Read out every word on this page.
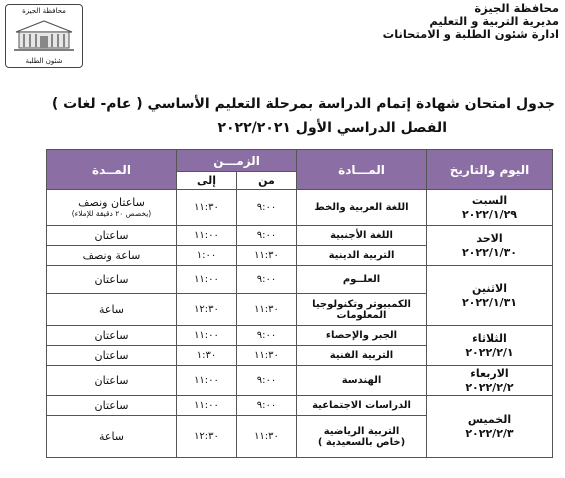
محافظة الجيزة
شئون الطلبة
محافظة الجيزة
مديرية التربية و التعليم
ادارة شئون الطلبة و الامتحانات
جدول امتحان شهادة إتمام الدراسة بمرحلة التعليم الأساسي ( عام- لغات )
الفصل الدراسي الأول ٢٠٢٢/٢٠٢١
اليوم والتاريخ	المـــادة	الزمـــن		المــدة
		من	إلى	

السبت
٢٠٢٢/١/٢٩	اللغة العربية والخط	٩:٠٠	١١:٣٠	ساعتان ونصف
(يخصص ٢٠ دقيقة للإملاء)

الاحد
٢٠٢٢/١/٣٠	اللغة الأجنبية	٩:٠٠	١١:٠٠	ساعتان
	التربية الدينية	١١:٣٠	١:٠٠	ساعة ونصف

الاثنين
٢٠٢٢/١/٣١	العلــوم	٩:٠٠	١١:٠٠	ساعتان
	الكمبيوتر وتكنولوجيا المعلومات	١١:٣٠	١٢:٣٠	ساعة

الثلاثاء
٢٠٢٢/٢/١	الجبر والإحصاء	٩:٠٠	١١:٠٠	ساعتان
	التربية الفنية	١١:٣٠	١:٣٠	ساعتان

الاربعاء
٢٠٢٢/٢/٢	الهندسة	٩:٠٠	١١:٠٠	ساعتان

الخميس
٢٠٢٢/٢/٣	الدراسات الاجتماعية	٩:٠٠	١١:٠٠	ساعتان

	التربية الرياضية
(خاص بالسعيدية )	١١:٣٠	١٢:٣٠	ساعة
